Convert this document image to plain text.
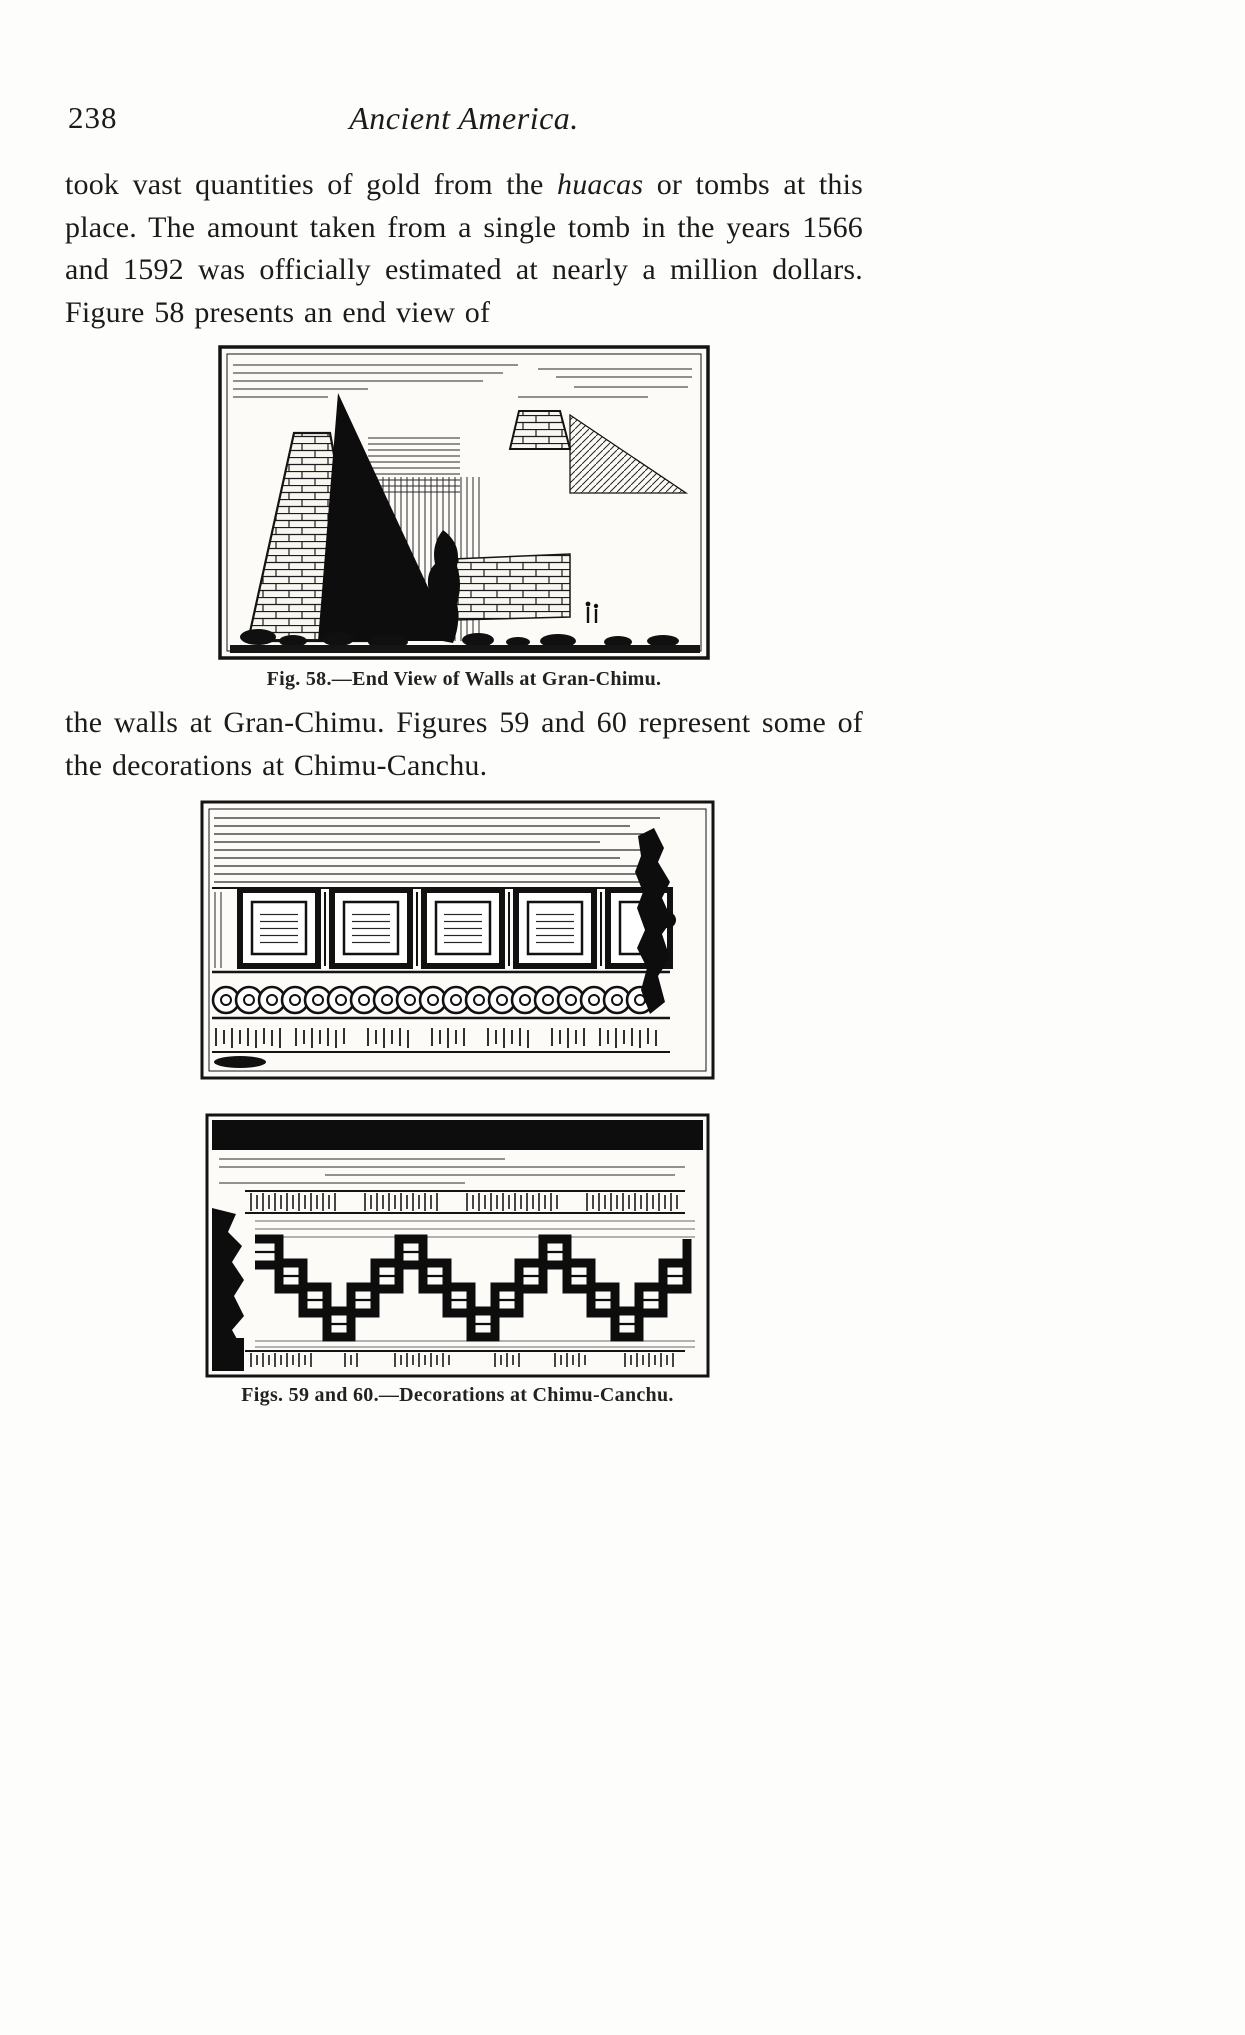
238	Ancient America.

took vast quantities of gold from the huacas or tombs at this place. The amount taken from a single tomb in the years 1566 and 1592 was officially estimated at nearly a million dollars. Figure 58 presents an end view of

Fig. 58.—End View of Walls at Gran-Chimu.

the walls at Gran-Chimu. Figures 59 and 60 represent some of the decorations at Chimu-Canchu.

Figs. 59 and 60.—Decorations at Chimu-Canchu.
